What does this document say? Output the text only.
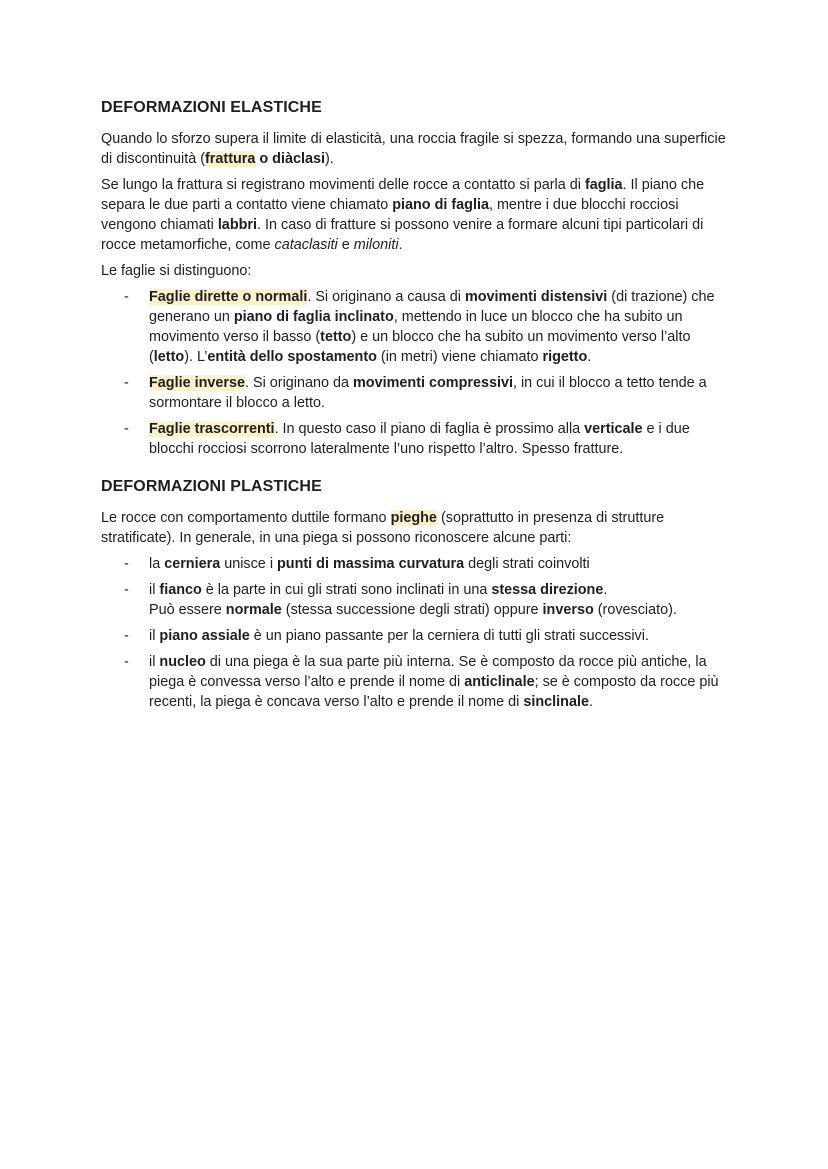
DEFORMAZIONI ELASTICHE

Quando lo sforzo supera il limite di elasticità, una roccia fragile si spezza, formando una superficie di discontinuità (frattura o diàclasi).

Se lungo la frattura si registrano movimenti delle rocce a contatto si parla di faglia. Il piano che separa le due parti a contatto viene chiamato piano di faglia, mentre i due blocchi rocciosi vengono chiamati labbri. In caso di fratture si possono venire a formare alcuni tipi particolari di rocce metamorfiche, come cataclasiti e miloniti.

Le faglie si distinguono:

- Faglie dirette o normali. Si originano a causa di movimenti distensivi (di trazione) che generano un piano di faglia inclinato, mettendo in luce un blocco che ha subito un movimento verso il basso (tetto) e un blocco che ha subito un movimento verso l’alto (letto). L’entità dello spostamento (in metri) viene chiamato rigetto.
- Faglie inverse. Si originano da movimenti compressivi, in cui il blocco a tetto tende a sormontare il blocco a letto.
- Faglie trascorrenti. In questo caso il piano di faglia è prossimo alla verticale e i due blocchi rocciosi scorrono lateralmente l’uno rispetto l’altro. Spesso fratture.
DEFORMAZIONI PLASTICHE

Le rocce con comportamento duttile formano pieghe (soprattutto in presenza di strutture stratificate). In generale, in una piega si possono riconoscere alcune parti:

- la cerniera unisce i punti di massima curvatura degli strati coinvolti
- il fianco è la parte in cui gli strati sono inclinati in una stessa direzione.
Può essere normale (stessa successione degli strati) oppure inverso (rovesciato).
- il piano assiale è un piano passante per la cerniera di tutti gli strati successivi.
- il nucleo di una piega è la sua parte più interna. Se è composto da rocce più antiche, la piega è convessa verso l’alto e prende il nome di anticlinale; se è composto da rocce più recenti, la piega è concava verso l’alto e prende il nome di sinclinale.
